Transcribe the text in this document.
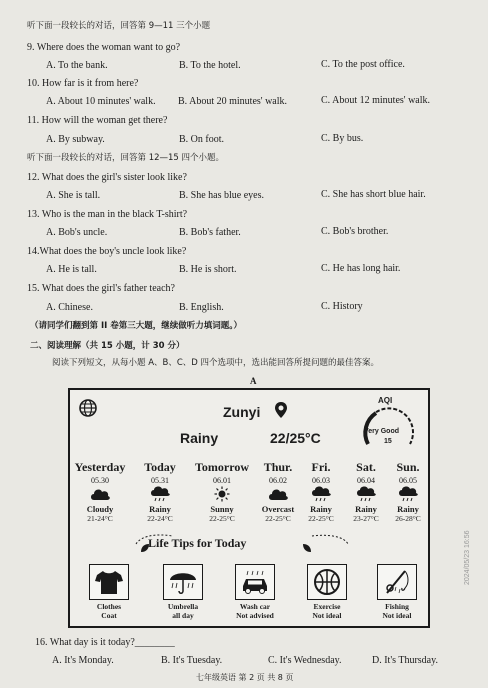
听下面一段较长的对话，回答第 9—11 三个小题
9. Where does the woman want to go?
A. To the bank.	B. To the hotel.	C. To the post office.
10. How far is it from here?
A. About 10 minutes' walk. B. About 20 minutes' walk.	C. About 12 minutes' walk.
11. How will the woman get there?
A. By subway.	B. On foot.	C. By bus.
听下面一段较长的对话，回答第 12—15 四个小题。
12. What does the girl's sister look like?
A. She is tall.	B. She has blue eyes.	C. She has short blue hair.
13. Who is the man in the black T-shirt?
A. Bob's uncle.	B. Bob's father.	C. Bob's brother.
14.What does the boy's uncle look like?
A. He is tall.	B. He is short.	C. He has long hair.
15. What does the girl's father teach?
A. Chinese.	B. English.	C. History
（请同学们翻到第 II 卷第三大题，继续做听力填词题。）
二、阅读理解（共 15 小题，计 30 分）
阅读下列短文，从每小题 A、B、C、D 四个选项中，选出能回答所提问题的最佳答案。
A
Zunyi
Rainy	22/25°C
AQI
Very Good
15
Yesterday
05.30
Cloudy
21-24°C
Today
05.31
Rainy
22-24°C
Tomorrow
06.01
Sunny
22-25°C
Thur.
06.02
Overcast
22-25°C
Fri.
06.03
Rainy
22-25°C
Sat.
06.04
Rainy
23-27°C
Sun.
06.05
Rainy
26-28°C
Life Tips for Today
Clothes
Coat
Umbrella
all day
Wash car
Not advised
Exercise
Not ideal
Fishing
Not ideal
16. What day is it today?________
A. It's Monday.	B. It's Tuesday.	C. It's Wednesday.	D. It's Thursday.
七年级英语 第 2 页 共 8 页
2024/05/23 16:56
